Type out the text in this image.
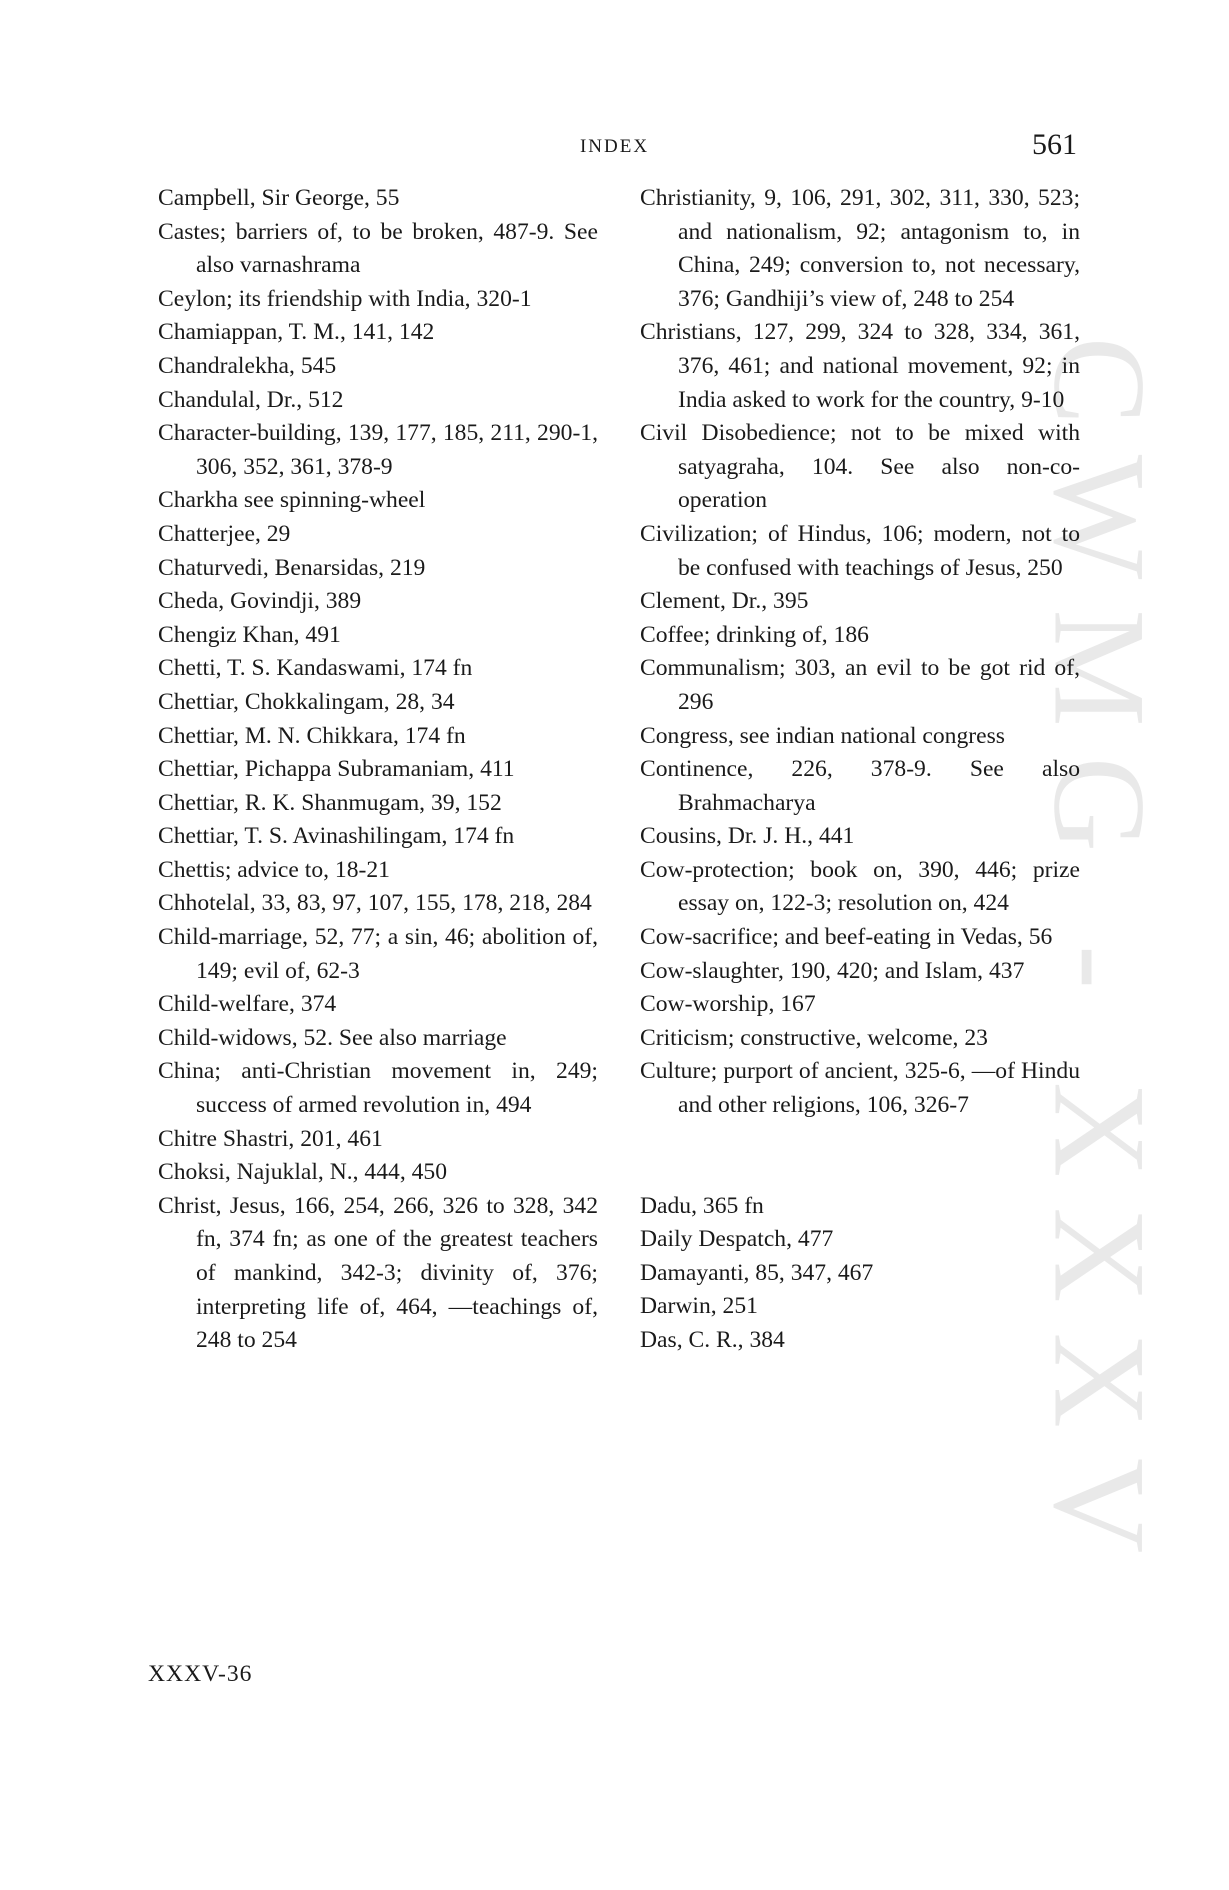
INDEX	561
CWMG - XXXV
Campbell, Sir George, 55
Castes; barriers of, to be broken, 487-9. See also varnashrama
Ceylon; its friendship with India, 320-1
Chamiappan, T. M., 141, 142
Chandralekha, 545
Chandulal, Dr., 512
Character-building, 139, 177, 185, 211, 290-1, 306, 352, 361, 378-9
Charkha see spinning-wheel
Chatterjee, 29
Chaturvedi, Benarsidas, 219
Cheda, Govindji, 389
Chengiz Khan, 491
Chetti, T. S. Kandaswami, 174 fn
Chettiar, Chokkalingam, 28, 34
Chettiar, M. N. Chikkara, 174 fn
Chettiar, Pichappa Subramaniam, 411
Chettiar, R. K. Shanmugam, 39, 152
Chettiar, T. S. Avinashilingam, 174 fn
Chettis; advice to, 18-21
Chhotelal, 33, 83, 97, 107, 155, 178, 218, 284
Child-marriage, 52, 77; a sin, 46; abolition of, 149; evil of, 62-3
Child-welfare, 374
Child-widows, 52. See also marriage
China; anti-Christian movement in, 249; success of armed revolution in, 494
Chitre Shastri, 201, 461
Choksi, Najuklal, N., 444, 450
Christ, Jesus, 166, 254, 266, 326 to 328, 342 fn, 374 fn; as one of the greatest teachers of mankind, 342-3; divinity of, 376; interpreting life of, 464, —teachings of, 248 to 254
Christianity, 9, 106, 291, 302, 311, 330, 523; and nationalism, 92; antagonism to, in China, 249; conversion to, not necessary, 376; Gandhiji’s view of, 248 to 254
Christians, 127, 299, 324 to 328, 334, 361, 376, 461; and national movement, 92; in India asked to work for the country, 9-10
Civil Disobedience; not to be mixed with satyagraha, 104. See also non-co-operation
Civilization; of Hindus, 106; modern, not to be confused with teachings of Jesus, 250
Clement, Dr., 395
Coffee; drinking of, 186
Communalism; 303, an evil to be got rid of, 296
Congress, see indian national congress
Continence, 226, 378-9. See also Brahmacharya
Cousins, Dr. J. H., 441
Cow-protection; book on, 390, 446; prize essay on, 122-3; resolution on, 424
Cow-sacrifice; and beef-eating in Vedas, 56
Cow-slaughter, 190, 420; and Islam, 437
Cow-worship, 167
Criticism; constructive, welcome, 23
Culture; purport of ancient, 325-6, —of Hindu and other religions, 106, 326-7
Dadu, 365 fn
Daily Despatch, 477
Damayanti, 85, 347, 467
Darwin, 251
Das, C. R., 384
XXXV-36
